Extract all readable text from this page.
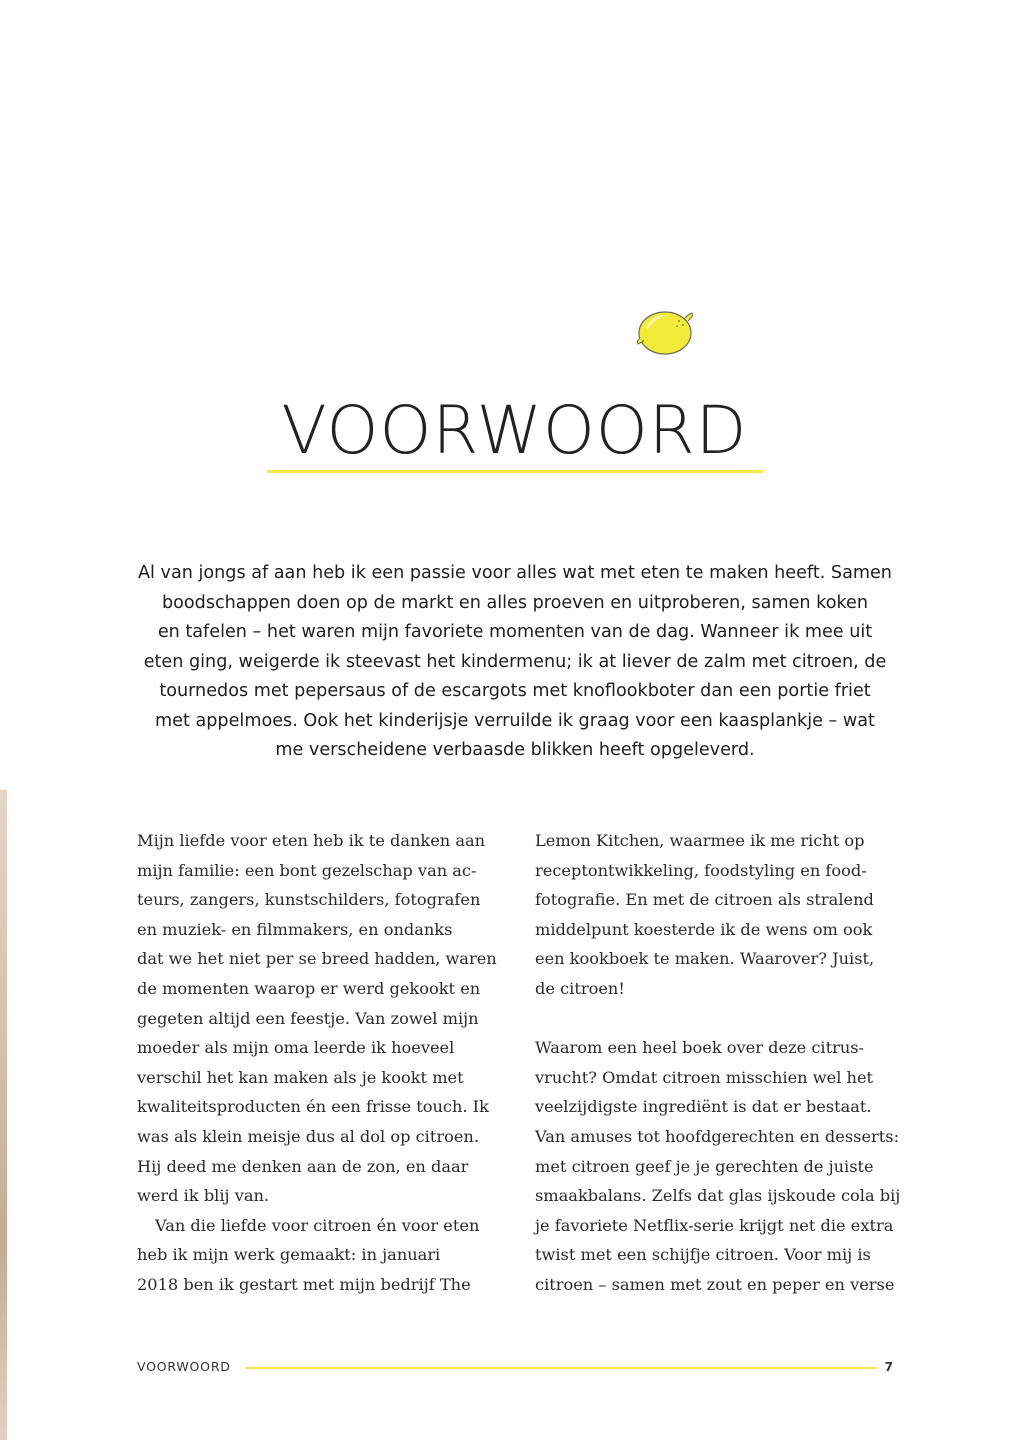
VOORWOORD

Al van jongs af aan heb ik een passie voor alles wat met eten te maken heeft. Samen
boodschappen doen op de markt en alles proeven en uitproberen, samen koken
en tafelen – het waren mijn favoriete momenten van de dag. Wanneer ik mee uit
eten ging, weigerde ik steevast het kindermenu; ik at liever de zalm met citroen, de
tournedos met pepersaus of de escargots met knoflookboter dan een portie friet
met appelmoes. Ook het kinderijsje verruilde ik graag voor een kaasplankje – wat
me verscheidene verbaasde blikken heeft opgeleverd.

Mijn liefde voor eten heb ik te danken aan
mijn familie: een bont gezelschap van ac-
teurs, zangers, kunstschilders, fotografen
en muziek- en filmmakers, en ondanks
dat we het niet per se breed hadden, waren
de momenten waarop er werd gekookt en
gegeten altijd een feestje. Van zowel mijn
moeder als mijn oma leerde ik hoeveel
verschil het kan maken als je kookt met
kwaliteitsproducten én een frisse touch. Ik
was als klein meisje dus al dol op citroen.
Hij deed me denken aan de zon, en daar
werd ik blij van.

Van die liefde voor citroen én voor eten
heb ik mijn werk gemaakt: in januari
2018 ben ik gestart met mijn bedrijf The

Lemon Kitchen, waarmee ik me richt op
receptontwikkeling, foodstyling en food-
fotografie. En met de citroen als stralend
middelpunt koesterde ik de wens om ook
een kookboek te maken. Waarover? Juist,
de citroen!

Waarom een heel boek over deze citrus-
vrucht? Omdat citroen misschien wel het
veelzijdigste ingrediënt is dat er bestaat.
Van amuses tot hoofdgerechten en desserts:
met citroen geef je je gerechten de juiste
smaakbalans. Zelfs dat glas ijskoude cola bij
je favoriete Netflix-serie krijgt net die extra
twist met een schijfje citroen. Voor mij is
citroen – samen met zout en peper en verse

VOORWOORD	7
